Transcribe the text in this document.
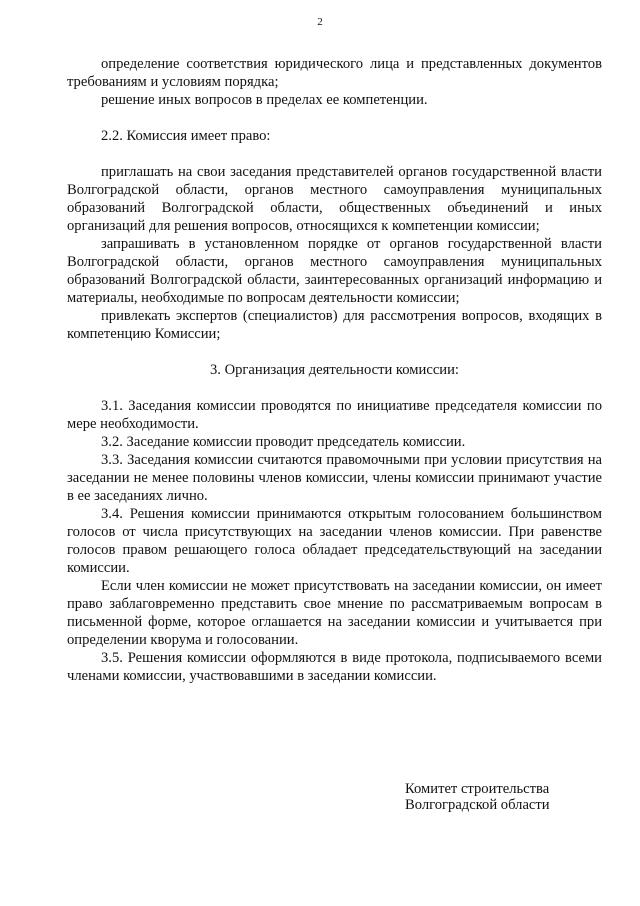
2

определение соответствия юридического лица и представленных документов требованиям и условиям порядка;

решение иных вопросов в пределах ее компетенции.

2.2. Комиссия имеет право:

приглашать на свои заседания представителей органов государственной власти Волгоградской области, органов местного самоуправления муниципальных образований Волгоградской области, общественных объединений и иных организаций для решения вопросов, относящихся к компетенции комиссии;

запрашивать в установленном порядке от органов государственной власти Волгоградской области, органов местного самоуправления муниципальных образований Волгоградской области, заинтересованных организаций информацию и материалы, необходимые по вопросам деятельности комиссии;

привлекать экспертов (специалистов) для рассмотрения вопросов, входящих в компетенцию Комиссии;

3. Организация деятельности комиссии:

3.1. Заседания комиссии проводятся по инициативе председателя комиссии по мере необходимости.

3.2. Заседание комиссии проводит председатель комиссии.

3.3. Заседания комиссии считаются правомочными при условии присутствия на заседании не менее половины членов комиссии, члены комиссии принимают участие в ее заседаниях лично.

3.4. Решения комиссии принимаются открытым голосованием большинством голосов от числа присутствующих на заседании членов комиссии. При равенстве голосов правом решающего голоса обладает председательствующий на заседании комиссии.

Если член комиссии не может присутствовать на заседании комиссии, он имеет право заблаговременно представить свое мнение по рассматриваемым вопросам в письменной форме, которое оглашается на заседании комиссии и учитывается при определении кворума и голосовании.

3.5. Решения комиссии оформляются в виде протокола, подписываемого всеми членами комиссии, участвовавшими в заседании комиссии.

Комитет строительства
Волгоградской области
